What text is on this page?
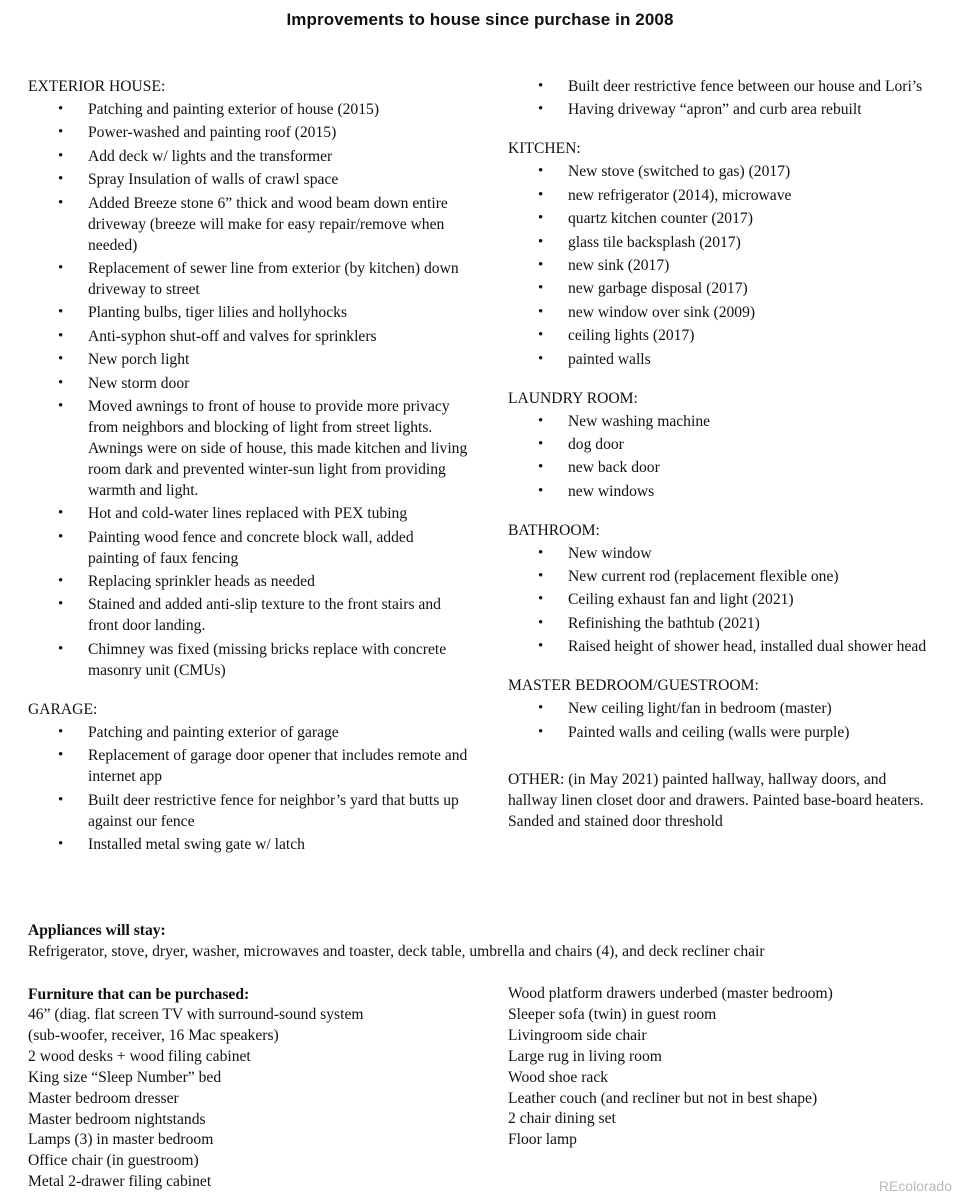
Improvements to house since purchase in 2008
EXTERIOR HOUSE:
• Patching and painting exterior of house (2015)
• Power-washed and painting roof (2015)
• Add deck w/ lights and the transformer
• Spray Insulation of walls of crawl space
• Added Breeze stone 6” thick and wood beam down entire driveway (breeze will make for easy repair/remove when needed)
• Replacement of sewer line from exterior (by kitchen) down driveway to street
• Planting bulbs, tiger lilies and hollyhocks
• Anti-syphon shut-off and valves for sprinklers
• New porch light
• New storm door
• Moved awnings to front of house to provide more privacy from neighbors and blocking of light from street lights. Awnings were on side of house, this made kitchen and living room dark and prevented winter-sun light from providing warmth and light.
• Hot and cold-water lines replaced with PEX tubing
• Painting wood fence and concrete block wall, added painting of faux fencing
• Replacing sprinkler heads as needed
• Stained and added anti-slip texture to the front stairs and front door landing.
• Chimney was fixed (missing bricks replace with concrete masonry unit (CMUs)
GARAGE:
• Patching and painting exterior of garage
• Replacement of garage door opener that includes remote and internet app
• Built deer restrictive fence for neighbor’s yard that butts up against our fence
• Installed metal swing gate w/ latch
• Built deer restrictive fence between our house and Lori’s
• Having driveway “apron” and curb area rebuilt
KITCHEN:
• New stove (switched to gas) (2017)
• new refrigerator (2014), microwave
• quartz kitchen counter (2017)
• glass tile backsplash (2017)
• new sink (2017)
• new garbage disposal (2017)
• new window over sink (2009)
• ceiling lights (2017)
• painted walls
LAUNDRY ROOM:
• New washing machine
• dog door
• new back door
• new windows
BATHROOM:
• New window
• New current rod (replacement flexible one)
• Ceiling exhaust fan and light (2021)
• Refinishing the bathtub (2021)
• Raised height of shower head, installed dual shower head
MASTER BEDROOM/GUESTROOM:
• New ceiling light/fan in bedroom (master)
• Painted walls and ceiling (walls were purple)
OTHER: (in May 2021) painted hallway, hallway doors, and hallway linen closet door and drawers. Painted base-board heaters. Sanded and stained door threshold
Appliances will stay:
Refrigerator, stove, dryer, washer, microwaves and toaster, deck table, umbrella and chairs (4), and deck recliner chair
Furniture that can be purchased:
46” (diag. flat screen TV with surround-sound system
(sub-woofer, receiver, 16 Mac speakers)
2 wood desks + wood filing cabinet
King size “Sleep Number” bed
Master bedroom dresser
Master bedroom nightstands
Lamps (3) in master bedroom
Office chair (in guestroom)
Metal 2-drawer filing cabinet
Wood platform drawers underbed (master bedroom)
Sleeper sofa (twin) in guest room
Livingroom side chair
Large rug in living room
Wood shoe rack
Leather couch (and recliner but not in best shape)
2 chair dining set
Floor lamp
REcolorado
